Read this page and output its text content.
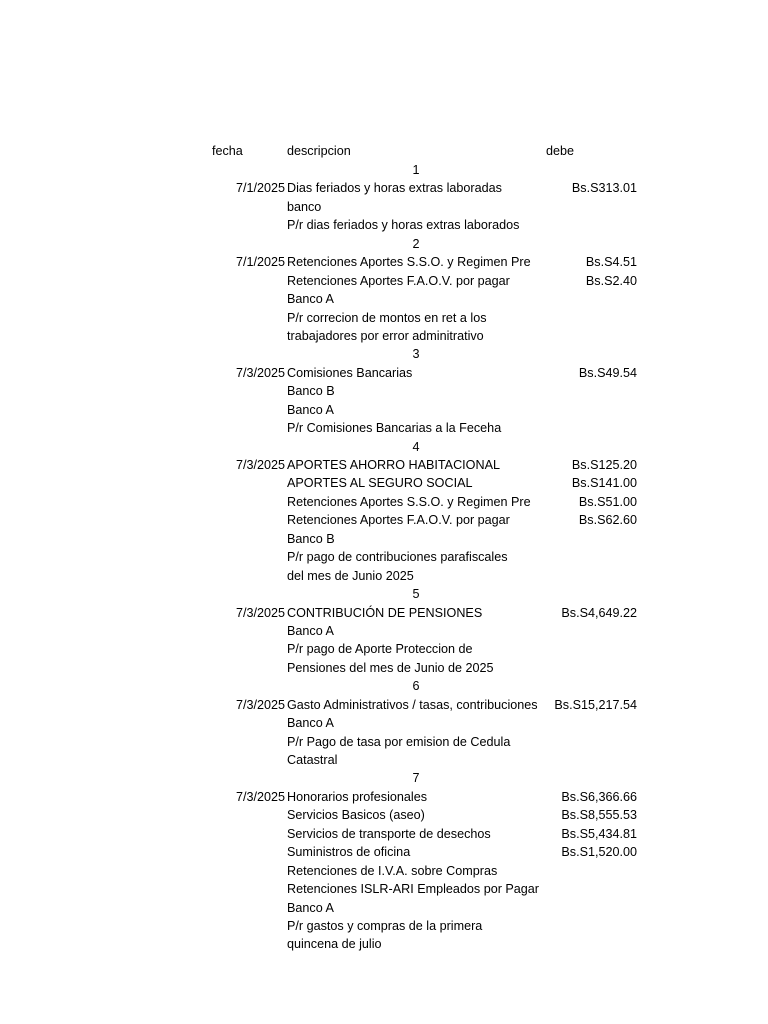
fecha	descripcion	debe
1
7/1/2025 Dias feriados y horas extras laboradas	Bs.S313.01
banco
P/r dias feriados y horas extras laborados
2
7/1/2025 Retenciones Aportes S.S.O. y Regimen Pre	Bs.S4.51
Retenciones Aportes F.A.O.V. por pagar	Bs.S2.40
Banco A
P/r correcion de montos en ret a los
trabajadores por error adminitrativo
3
7/3/2025 Comisiones Bancarias	Bs.S49.54
Banco B
Banco A
P/r Comisiones Bancarias a la Feceha
4
7/3/2025 APORTES AHORRO HABITACIONAL	Bs.S125.20
APORTES AL SEGURO SOCIAL	Bs.S141.00
Retenciones Aportes S.S.O. y Regimen Pre	Bs.S51.00
Retenciones Aportes F.A.O.V. por pagar	Bs.S62.60
Banco B
P/r pago de contribuciones parafiscales
del mes de Junio 2025
5
7/3/2025 CONTRIBUCIÓN DE PENSIONES	Bs.S4,649.22
Banco A
P/r pago de Aporte Proteccion de
Pensiones del mes de Junio de 2025
6
7/3/2025 Gasto Administrativos / tasas, contribuciones Bs.S15,217.54
Banco A
P/r Pago de tasa por emision de Cedula
Catastral
7
7/3/2025 Honorarios profesionales	Bs.S6,366.66
Servicios Basicos (aseo)	Bs.S8,555.53
Servicios de transporte de desechos	Bs.S5,434.81
Suministros de oficina	Bs.S1,520.00
Retenciones de I.V.A. sobre Compras
Retenciones ISLR-ARI Empleados por Pagar
Banco A
P/r gastos y compras de la primera
quincena de julio
